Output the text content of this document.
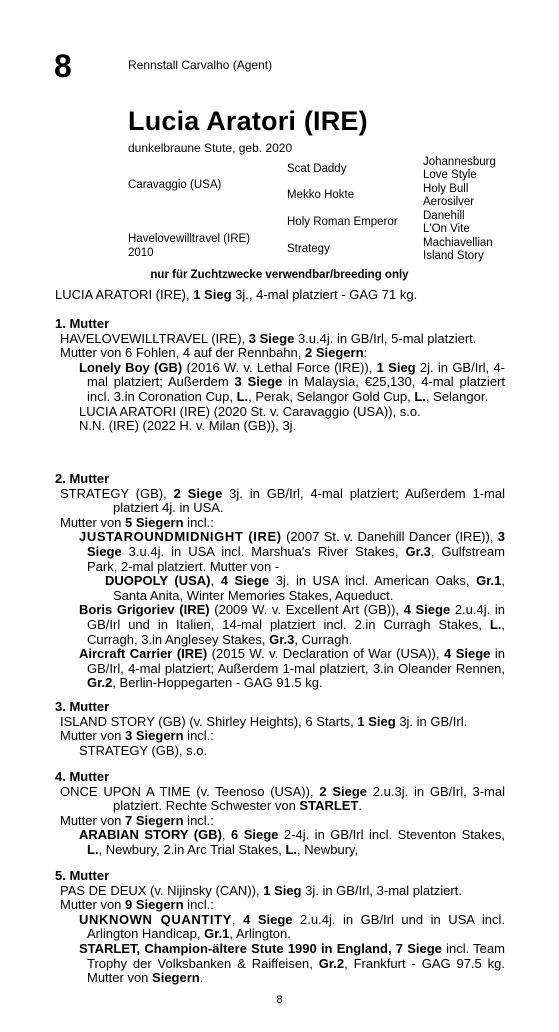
8	Rennstall Carvalho (Agent)
Lucia Aratori (IRE)
dunkelbraune Stute, geb. 2020
Caravaggio (USA)
Havelovewilltravel (IRE)
2010
Scat Daddy
Mekko Hokte
Holy Roman Emperor
Strategy
Johannesburg
Love Style
Holy Bull
Aerosilver
Danehill
L'On Vite
Machiavellian
Island Story
nur für Zuchtzwecke verwendbar/breeding only
LUCIA ARATORI (IRE), 1 Sieg 3j., 4-mal platziert - GAG 71 kg.
1. Mutter
HAVELOVEWILLTRAVEL (IRE), 3 Siege 3.u.4j. in GB/Irl, 5-mal platziert.
Mutter von 6 Fohlen, 4 auf der Rennbahn, 2 Siegern:
Lonely Boy (GB) (2016 W. v. Lethal Force (IRE)), 1 Sieg 2j. in GB/Irl, 4-mal platziert; Außerdem 3 Siege in Malaysia, €25,130, 4-mal platziert incl. 3.in Coronation Cup, L., Perak, Selangor Gold Cup, L., Selangor.
LUCIA ARATORI (IRE) (2020 St. v. Caravaggio (USA)), s.o.
N.N. (IRE) (2022 H. v. Milan (GB)), 3j.
2. Mutter
STRATEGY (GB), 2 Siege 3j. in GB/Irl, 4-mal platziert; Außerdem 1-mal platziert 4j. in USA.
Mutter von 5 Siegern incl.:
JUSTAROUNDMIDNIGHT (IRE) (2007 St. v. Danehill Dancer (IRE)), 3 Siege 3.u.4j. in USA incl. Marshua's River Stakes, Gr.3, Gulfstream Park, 2-mal platziert. Mutter von -
DUOPOLY (USA), 4 Siege 3j. in USA incl. American Oaks, Gr.1, Santa Anita, Winter Memories Stakes, Aqueduct.
Boris Grigoriev (IRE) (2009 W. v. Excellent Art (GB)), 4 Siege 2.u.4j. in GB/Irl und in Italien, 14-mal platziert incl. 2.in Curragh Stakes, L., Curragh, 3.in Anglesey Stakes, Gr.3, Curragh.
Aircraft Carrier (IRE) (2015 W. v. Declaration of War (USA)), 4 Siege in GB/Irl, 4-mal platziert; Außerdem 1-mal platziert, 3.in Oleander Rennen, Gr.2, Berlin-Hoppegarten - GAG 91.5 kg.
3. Mutter
ISLAND STORY (GB) (v. Shirley Heights), 6 Starts, 1 Sieg 3j. in GB/Irl.
Mutter von 3 Siegern incl.:
STRATEGY (GB), s.o.
4. Mutter
ONCE UPON A TIME (v. Teenoso (USA)), 2 Siege 2.u.3j. in GB/Irl, 3-mal platziert. Rechte Schwester von STARLET.
Mutter von 7 Siegern incl.:
ARABIAN STORY (GB), 6 Siege 2-4j. in GB/Irl incl. Steventon Stakes, L., Newbury, 2.in Arc Trial Stakes, L., Newbury,
5. Mutter
PAS DE DEUX (v. Nijinsky (CAN)), 1 Sieg 3j. in GB/Irl, 3-mal platziert.
Mutter von 9 Siegern incl.:
UNKNOWN QUANTITY, 4 Siege 2.u.4j. in GB/Irl und in USA incl. Arlington Handicap, Gr.1, Arlington.
STARLET, Champion-ältere Stute 1990 in England, 7 Siege incl. Team Trophy der Volksbanken & Raiffeisen, Gr.2, Frankfurt - GAG 97.5 kg. Mutter von Siegern.
8
